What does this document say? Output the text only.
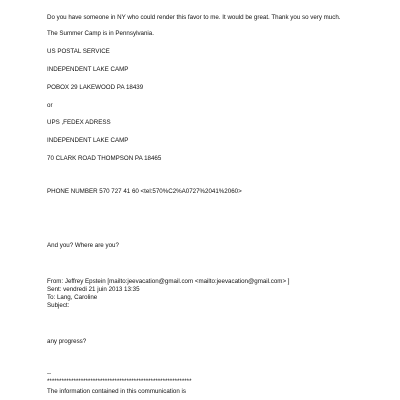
Do you have someone in NY who could render this favor to me. It would be great. Thank you so very much.
The Summer Camp is in Pennsylvania.
US POSTAL SERVICE
INDEPENDENT LAKE CAMP
POBOX 29 LAKEWOOD PA 18439
or
UPS ,FEDEX ADRESS
INDEPENDENT LAKE CAMP
70 CLARK ROAD THOMPSON PA 18465
PHONE NUMBER 570 727 41 60 <tel:570%C2%A0727%2041%2060>
And you? Where are you?
From: Jeffrey Epstein [mailto:jeevacation@gmail.com <mailto:jeevacation@gmail.com> ]
Sent: vendredi 21 juin 2013 13:35
To: Lang, Caroline
Subject:
any progress?
--
************************************************************
The information contained in this communication is
